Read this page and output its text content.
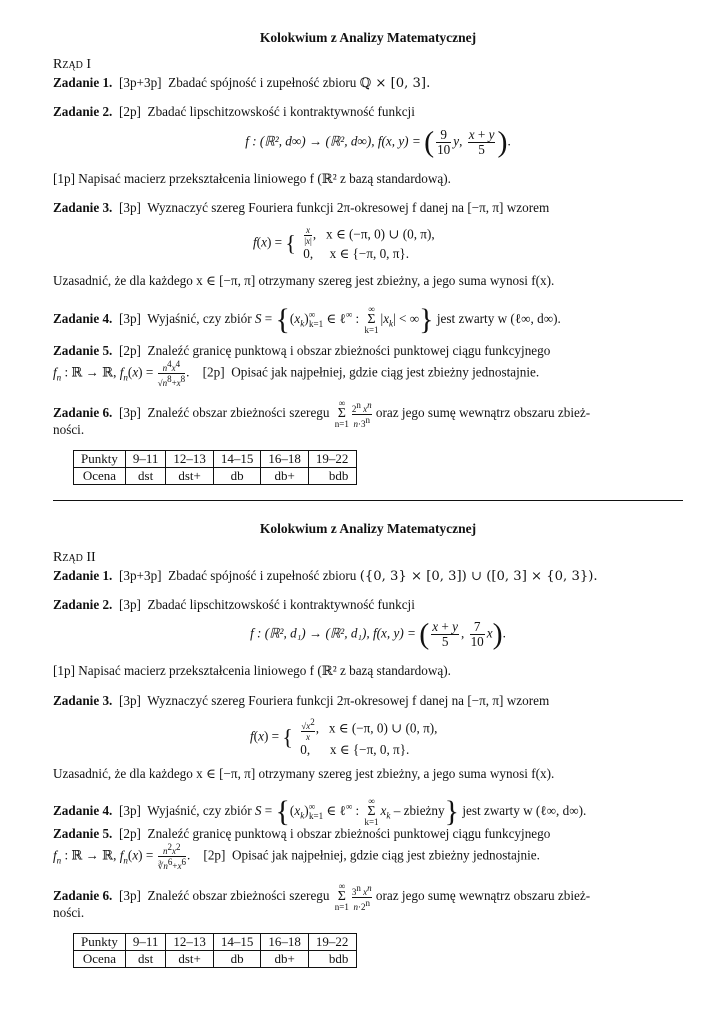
Kolokwium z Analizy Matematycznej
Rząd I
Zadanie 1. [3p+3p] Zbadać spójność i zupełność zbioru ℚ × [0, 3].
Zadanie 2. [2p] Zbadać lipschitzowskość i kontraktywność funkcji
f : (ℝ², d∞) → (ℝ², d∞), f(x, y) = ( $\frac{9}{10} y$, $\frac{x + y}{5}$ ).
[1p] Napisać macierz przekształcenia liniowego f (ℝ² z bazą standardową).
Zadanie 3. [3p] Wyznaczyć szereg Fouriera funkcji 2π-okresowej f danej na [−π, π] wzorem
f(x) = { $\frac{x}{|x|}$ ,   x ∈ (−π, 0) ∪ (0, π),
0,     x ∈ {−π, 0, π}.
Uzasadnić, że dla każdego x ∈ [−π, π] otrzymany szereg jest zbieżny, a jego suma wynosi f(x).
Zadanie 4. [3p] Wyjaśnić, czy zbiór $S = \{(x_k)^\infty_{k=1}$ ∈ ℓ∞ : ∞
Σ
$k=1|x_k|$ < ∞} jest zwarty w (ℓ∞, d∞).
Zadanie 5. [2p] Znaleźć granicę punktową i obszar zbieżności punktowej ciągu funkcyjnego
$f_n$ : ℝ → ℝ, $f_n(x) = \frac{n^4x^4}{√n^8+x^8}$ .    [2p] Opisać jak najpełniej, gdzie ciąg jest zbieżny jednostajnie.
Zadanie 6. [3p] Znaleźć obszar zbieżności szeregu ∞
Σ
$n=1 \frac{2^n x^n}{n\cdot 3^n}$ oraz jego sumę wewnątrz obszaru zbież-
ności.
Punkty	9–11	12–13	14–15	16–18	19–22
Ocena	dst	dst+	db	db+	bdb
Kolokwium z Analizy Matematycznej
Rząd II
Zadanie 1. [3p+3p] Zbadać spójność i zupełność zbioru ({0, 3} × [0, 3]) ∪ ([0, 3] × {0, 3}).
Zadanie 2. [3p] Zbadać lipschitzowskość i kontraktywność funkcji
f : (ℝ², d₁) → (ℝ², d₁), f(x, y) = ( $\frac{x + y}{5}$ , $\frac{7}{10} x$).
[1p] Napisać macierz przekształcenia liniowego f (ℝ² z bazą standardową).
Zadanie 3. [3p] Wyznaczyć szereg Fouriera funkcji 2π-okresowej f danej na [−π, π] wzorem
f(x) = { $\frac{√x^2}{x}$ ,   x ∈ (−π, 0) ∪ (0, π),
0,      x ∈ {−π, 0, π}.
Uzasadnić, że dla każdego x ∈ [−π, π] otrzymany szereg jest zbieżny, a jego suma wynosi f(x).
Zadanie 4. [3p] Wyjaśnić, czy zbiór $S = \{(x_k)^\infty_{k=1}$ ∈ ℓ∞ : ∞
Σ
$k=1x_k$ – zbieżny} jest zwarty w (ℓ∞, d∞).
Zadanie 5. [2p] Znaleźć granicę punktową i obszar zbieżności punktowej ciągu funkcyjnego
$f_n$ : ℝ → ℝ, $f_n(x) = \frac{n^2x^2}{∛n^6+x^6}$ .    [2p] Opisać jak najpełniej, gdzie ciąg jest zbieżny jednostajnie.
Zadanie 6. [3p] Znaleźć obszar zbieżności szeregu ∞
Σ
$n=1 \frac{3^n x^n}{n\cdot 2^n}$ oraz jego sumę wewnątrz obszaru zbież-
ności.
Punkty	9–11	12–13	14–15	16–18	19–22
Ocena	dst	dst+	db	db+	bdb
